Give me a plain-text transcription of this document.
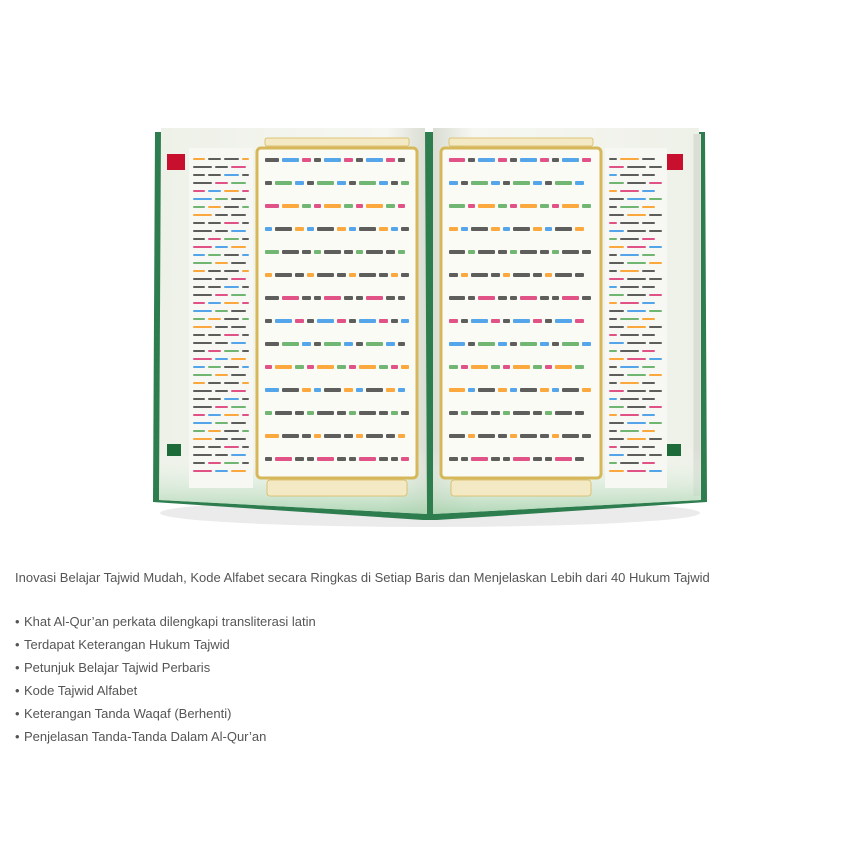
Inovasi Belajar Tajwid Mudah, Kode Alfabet secara Ringkas di Setiap Baris dan Menjelaskan Lebih dari 40 Hukum Tajwid
• Khat Al-Qur’an perkata dilengkapi transliterasi latin
• Terdapat Keterangan Hukum Tajwid
• Petunjuk Belajar Tajwid Perbaris
• Kode Tajwid Alfabet
• Keterangan Tanda Waqaf (Berhenti)
• Penjelasan Tanda-Tanda Dalam Al-Qur’an
